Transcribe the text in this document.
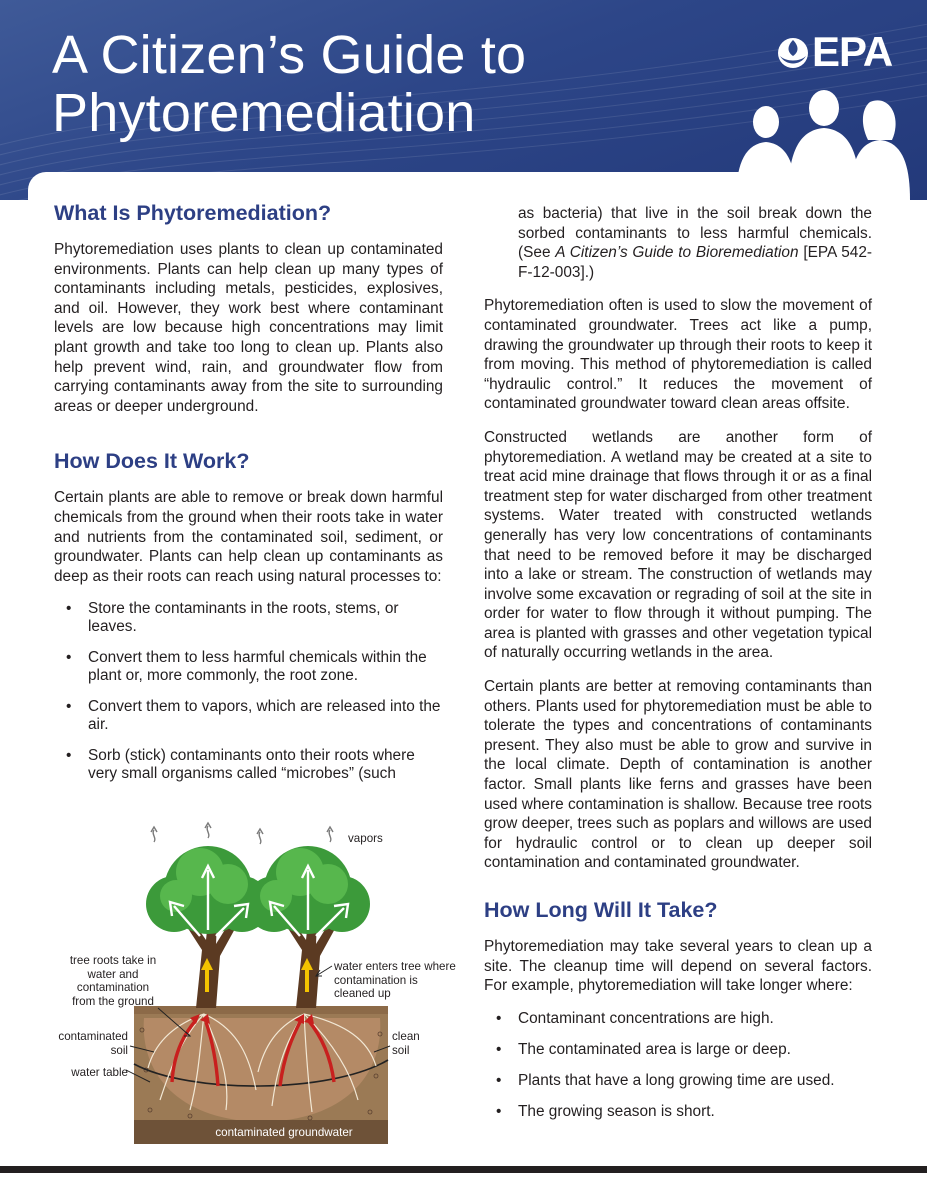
A Citizen’s Guide to
Phytoremediation
EPA
What Is Phytoremediation?

Phytoremediation uses plants to clean up contaminated environments. Plants can help clean up many types of contaminants including metals, pesticides, explosives, and oil. However, they work best where contaminant levels are low because high concentrations may limit plant growth and take too long to clean up. Plants also help prevent wind, rain, and groundwater flow from carrying contaminants away from the site to surrounding areas or deeper underground.

How Does It Work?

Certain plants are able to remove or break down harmful chemicals from the ground when their roots take in water and nutrients from the contaminated soil, sediment, or groundwater. Plants can help clean up contaminants as deep as their roots can reach using natural processes to:

• Store the contaminants in the roots, stems, or leaves.
• Convert them to less harmful chemicals within the plant or, more commonly, the root zone.
• Convert them to vapors, which are released into the air.
• Sorb (stick) contaminants onto their roots where very small organisms called “microbes” (such
vapors
tree roots take in water and contamination from the ground
water enters tree where contamination is cleaned up
contaminated soil
clean soil
water table
contaminated groundwater

as bacteria) that live in the soil break down the sorbed contaminants to less harmful chemicals. (See A Citizen’s Guide to Bioremediation [EPA 542-F-12-003].)

Phytoremediation often is used to slow the movement of contaminated groundwater. Trees act like a pump, drawing the groundwater up through their roots to keep it from moving. This method of phytoremediation is called “hydraulic control.” It reduces the movement of contaminated groundwater toward clean areas offsite.

Constructed wetlands are another form of phytoremediation. A wetland may be created at a site to treat acid mine drainage that flows through it or as a final treatment step for water discharged from other treatment systems. Water treated with constructed wetlands generally has very low concentrations of contaminants that need to be removed before it may be discharged into a lake or stream. The construction of wetlands may involve some excavation or regrading of soil at the site in order for water to flow through it without pumping. The area is planted with grasses and other vegetation typical of naturally occurring wetlands in the area.

Certain plants are better at removing contaminants than others. Plants used for phytoremediation must be able to tolerate the types and concentrations of contaminants present. They also must be able to grow and survive in the local climate. Depth of contamination is another factor. Small plants like ferns and grasses have been used where contamination is shallow. Because tree roots grow deeper, trees such as poplars and willows are used for hydraulic control or to clean up deeper soil contamination and contaminated groundwater.

How Long Will It Take?

Phytoremediation may take several years to clean up a site. The cleanup time will depend on several factors. For example, phytoremediation will take longer where:

• Contaminant concentrations are high.
• The contaminated area is large or deep.
• Plants that have a long growing time are used.
• The growing season is short.
